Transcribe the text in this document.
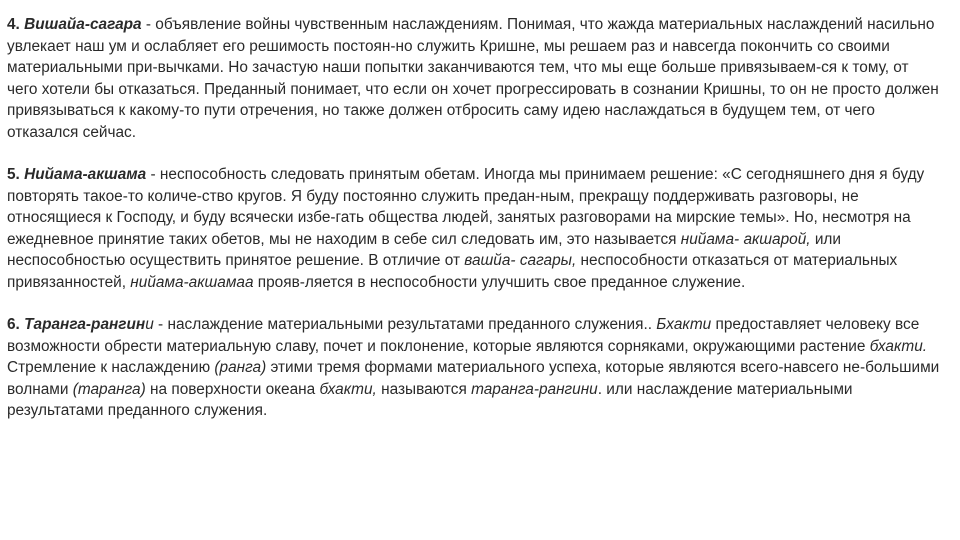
4. Вишайа-сагара - объявление войны чувственным наслаждениям. Понимая, что жажда материальных наслаждений насильно увлекает наш ум и ослабляет его решимость постоян-но служить Кришне, мы решаем раз и навсегда покончить со своими материальными при-вычками. Но зачастую наши попытки заканчиваются тем, что мы еще больше привязываем-ся к тому, от чего хотели бы отказаться. Преданный понимает, что если он хочет прогрессировать в сознании Кришны, то он не просто должен привязываться к какому-то пути отречения, но также должен отбросить саму идею наслаждаться в будущем тем, от чего отказался сейчас.

5. Нийама-акшама - неспособность следовать принятым обетам. Иногда мы принимаем решение: «С сегодняшнего дня я буду повторять такое-то количе-ство кругов. Я буду постоянно служить предан-ным, прекращу поддерживать разговоры, не относящиеся к Господу, и буду всячески избе-гать общества людей, занятых разговорами на мирские темы». Но, несмотря на ежедневное принятие таких обетов, мы не находим в себе сил следовать им, это называется нийама- акшарой, или неспособностью осуществить принятое решение. В отличие от вашйа- сагары, неспособности отказаться от материальных привязанностей, нийама-акшамаа прояв-ляется в неспособности улучшить свое преданное служение.

6. Таранга-рангини - наслаждение материальными результатами преданного служения.. Бхакти предоставляет человеку все возможности обрести материальную славу, почет и поклонение, которые являются сорняками, окружающими растение бхакти. Стремление к наслаждению (ранга) этими тремя формами материального успеха, которые являются всего-навсего не-большими волнами (таранга) на поверхности океана бхакти, называются таранга-рангини. или наслаждение материальными результатами преданного служения.
